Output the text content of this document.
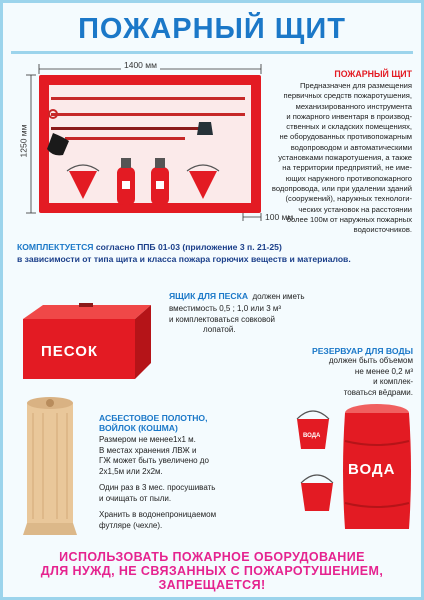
ПОЖАРНЫЙ ЩИТ
1400 мм
1250 мм
100 мм
ПОЖАРНЫЙ ЩИТ
Предназначен для размещения
первичных средств пожаротушения,
механизированного инструмента
и пожарного инвентаря в производ-
ственных и складских помещениях,
не оборудованных противопожарным
водопроводом и автоматическими
установками пожаротушения, а также
на территории предприятий, не име-
ющих наружного противопожарного
водопровода, или при удалении зданий
(сооружений), наружных технологи-
ческих установок на расстоянии
более 100м от наружных пожарных
водоисточников.
КОМПЛЕКТУЕТСЯ согласно ППБ 01-03 (приложение 3 п. 21-25)
в зависимости от типа щита и класса пожара горючих веществ и материалов.
ПЕСОК
ЯЩИК ДЛЯ ПЕСКА должен иметь
вместимость 0,5 ; 1,0 или 3 м³
и комплектоваться совковой
лопатой.
РЕЗЕРВУАР ДЛЯ ВОДЫ
должен быть объемом
не менее 0,2 м³
и комплек-
товаться вёдрами.
ВОДА
ВОДА
АСБЕСТОВОЕ ПОЛОТНО,
ВОЙЛОК (КОШМА)
Размером не менее1х1 м.
В местах хранения ЛВЖ и
ГЖ может быть увеличено до
2х1,5м или 2х2м.
Один раз в 3 мес. просушивать
и очищать от пыли.
Хранить в водонепроницаемом
футляре (чехле).
ИСПОЛЬЗОВАТЬ ПОЖАРНОЕ ОБОРУДОВАНИЕ
ДЛЯ НУЖД, НЕ СВЯЗАННЫХ С ПОЖАРОТУШЕНИЕМ,
ЗАПРЕЩАЕТСЯ!
